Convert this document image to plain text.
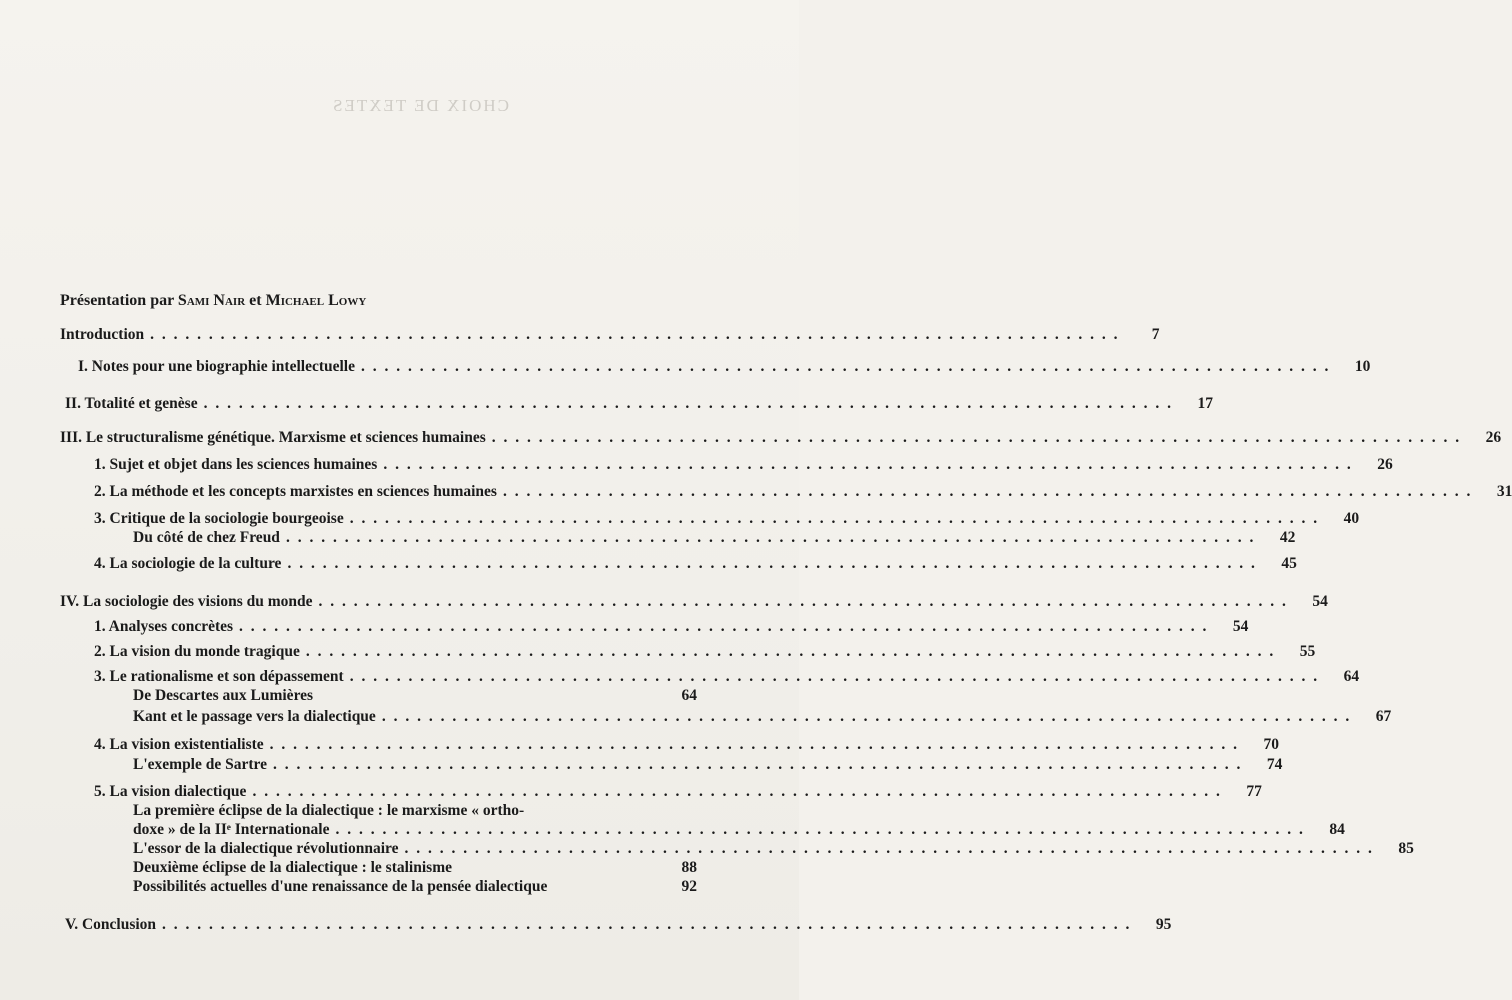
CHOIX DE TEXTES
Présentation par Sami Nair et Michael Lowy
Introduction . . . . . . . . . . . . . . . . . . . . . . . . . . . . . . . . . . . . . . . . . . . . . . . . . . . . . . . . . . . . . . . . . . . . . . . . . . . . . . . . . . .	7
I. Notes pour une biographie intellectuelle . . . . . . . . . . . . . . . . . . . . . . . . . . . . . . . . . . . . . . . . . . . . . . . . . . . . . . . . . . . . . . . . . . . . . . . . . . . . . . . . . . .	10
II. Totalité et genèse . . . . . . . . . . . . . . . . . . . . . . . . . . . . . . . . . . . . . . . . . . . . . . . . . . . . . . . . . . . . . . . . . . . . . . . . . . . . . . . . . . .	17
III. Le structuralisme génétique. Marxisme et sciences humaines . . . . . . . . . . . . . . . . . . . . . . . . . . . . . . . . . . . . . . . . . . . . . . . . . . . . . . . . . . . . . . . . . . . . . . . . . . . . . . . . . . .	26
1. Sujet et objet dans les sciences humaines . . . . . . . . . . . . . . . . . . . . . . . . . . . . . . . . . . . . . . . . . . . . . . . . . . . . . . . . . . . . . . . . . . . . . . . . . . . . . . . . . . .	26
2. La méthode et les concepts marxistes en sciences humaines . . . . . . . . . . . . . . . . . . . . . . . . . . . . . . . . . . . . . . . . . . . . . . . . . . . . . . . . . . . . . . . . . . . . . . . . . . . . . . . . . . .	31
3. Critique de la sociologie bourgeoise . . . . . . . . . . . . . . . . . . . . . . . . . . . . . . . . . . . . . . . . . . . . . . . . . . . . . . . . . . . . . . . . . . . . . . . . . . . . . . . . . . .	40
Du côté de chez Freud . . . . . . . . . . . . . . . . . . . . . . . . . . . . . . . . . . . . . . . . . . . . . . . . . . . . . . . . . . . . . . . . . . . . . . . . . . . . . . . . . . .	42
4. La sociologie de la culture . . . . . . . . . . . . . . . . . . . . . . . . . . . . . . . . . . . . . . . . . . . . . . . . . . . . . . . . . . . . . . . . . . . . . . . . . . . . . . . . . . .	45
IV. La sociologie des visions du monde . . . . . . . . . . . . . . . . . . . . . . . . . . . . . . . . . . . . . . . . . . . . . . . . . . . . . . . . . . . . . . . . . . . . . . . . . . . . . . . . . . .	54
1. Analyses concrètes . . . . . . . . . . . . . . . . . . . . . . . . . . . . . . . . . . . . . . . . . . . . . . . . . . . . . . . . . . . . . . . . . . . . . . . . . . . . . . . . . . .	54
2. La vision du monde tragique . . . . . . . . . . . . . . . . . . . . . . . . . . . . . . . . . . . . . . . . . . . . . . . . . . . . . . . . . . . . . . . . . . . . . . . . . . . . . . . . . . .	55
3. Le rationalisme et son dépassement . . . . . . . . . . . . . . . . . . . . . . . . . . . . . . . . . . . . . . . . . . . . . . . . . . . . . . . . . . . . . . . . . . . . . . . . . . . . . . . . . . .	64
De Descartes aux Lumières	64
Kant et le passage vers la dialectique . . . . . . . . . . . . . . . . . . . . . . . . . . . . . . . . . . . . . . . . . . . . . . . . . . . . . . . . . . . . . . . . . . . . . . . . . . . . . . . . . . .	67
4. La vision existentialiste . . . . . . . . . . . . . . . . . . . . . . . . . . . . . . . . . . . . . . . . . . . . . . . . . . . . . . . . . . . . . . . . . . . . . . . . . . . . . . . . . . .	70
L'exemple de Sartre . . . . . . . . . . . . . . . . . . . . . . . . . . . . . . . . . . . . . . . . . . . . . . . . . . . . . . . . . . . . . . . . . . . . . . . . . . . . . . . . . . .	74
5. La vision dialectique . . . . . . . . . . . . . . . . . . . . . . . . . . . . . . . . . . . . . . . . . . . . . . . . . . . . . . . . . . . . . . . . . . . . . . . . . . . . . . . . . . .	77
La première éclipse de la dialectique : le marxisme « ortho-
doxe » de la IIᵉ Internationale . . . . . . . . . . . . . . . . . . . . . . . . . . . . . . . . . . . . . . . . . . . . . . . . . . . . . . . . . . . . . . . . . . . . . . . . . . . . . . . . . . .	84
L'essor de la dialectique révolutionnaire . . . . . . . . . . . . . . . . . . . . . . . . . . . . . . . . . . . . . . . . . . . . . . . . . . . . . . . . . . . . . . . . . . . . . . . . . . . . . . . . . . .	85
Deuxième éclipse de la dialectique : le stalinisme	88
Possibilités actuelles d'une renaissance de la pensée dialectique	92
V. Conclusion . . . . . . . . . . . . . . . . . . . . . . . . . . . . . . . . . . . . . . . . . . . . . . . . . . . . . . . . . . . . . . . . . . . . . . . . . . . . . . . . . . .	95
